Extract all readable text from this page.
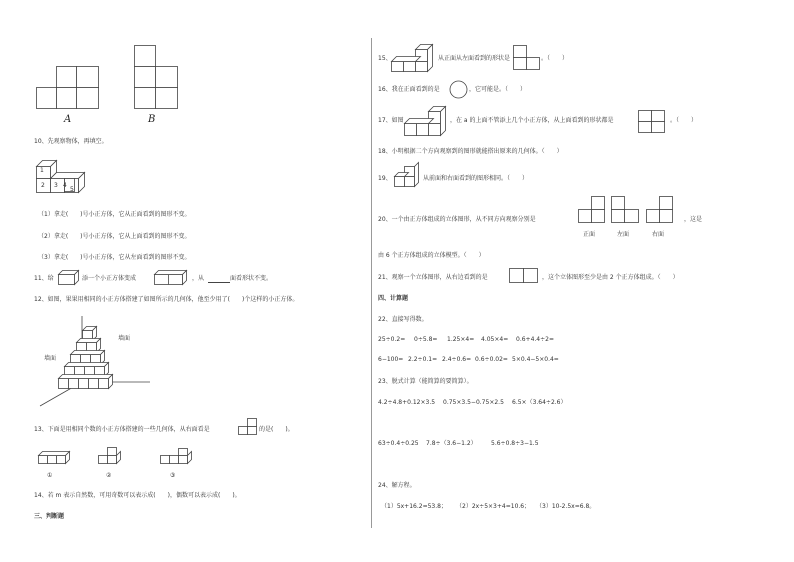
A	B
10、先观察物体，再填空。
1
2 3 4
5
（1）拿走(　　)号小正方体，它从正面看到的图形不变。
（2）拿走(　　)号小正方体，它从上面看到的图形不变。
（3）拿走(　　)号小正方体，它从左面看到的图形不变。
11、给	添一个小正方体变成	，从	面看形状不变。
12、如图，果果用相同的小正方体搭建了如图所示的几何体，他至少用了(　　)个这样的小正方体。
墙面
墙面
13、下面是用相同个数的小正方体搭建的一些几何体，从右面看是	的是(　　)。
①	②	③
14、若 m 表示自然数，可用奇数可以表示成(　　)，偶数可以表示成(　　)。
三、判断题
15、	从正面从左面看到的形状是	。（　　）
16、我在正面看到的是	，它可能是。（　　）
17、如图	，在 a 的上面不管添上几个小正方体，从上面看到的形状都是	。（　　）
18、小明根据二个方向观察到的图形就能搭出原来的几何体。（　　）
19、	从前面和右面看到的图形相同。（　　）
20、一个由正方体组成的立体图形，从不同方向观察分别是
正面	左面	右面
，这是
由 6 个正方体组成的立体模型。（　　）
21、观察一个立体图形，从右边看到的是	，这个立体图形至少是由 2 个正方体组成。（　　）
四、计算题
22、直接写得数。
25÷0.2= 0÷5.8= 1.25×4= 4.05×4= 0.6+4.4÷2=
6−100= 2.2÷0.1= 2.4÷0.6= 0.6÷0.02= 5×0.4−5×0.4=
23、脱式计算（能简算的要简算）。
4.2÷4.8+0.12×3.5 0.75×3.5−0.75×2.5 6.5×（3.64÷2.6）
63÷0.4÷0.25 7.8÷（3.6−1.2） 5.6÷0.8÷3−1.5
24、解方程。
（1）5x+16.2=53.8； （2）2x÷5×3+4=10.6； （3）10-2.5x=6.8。
